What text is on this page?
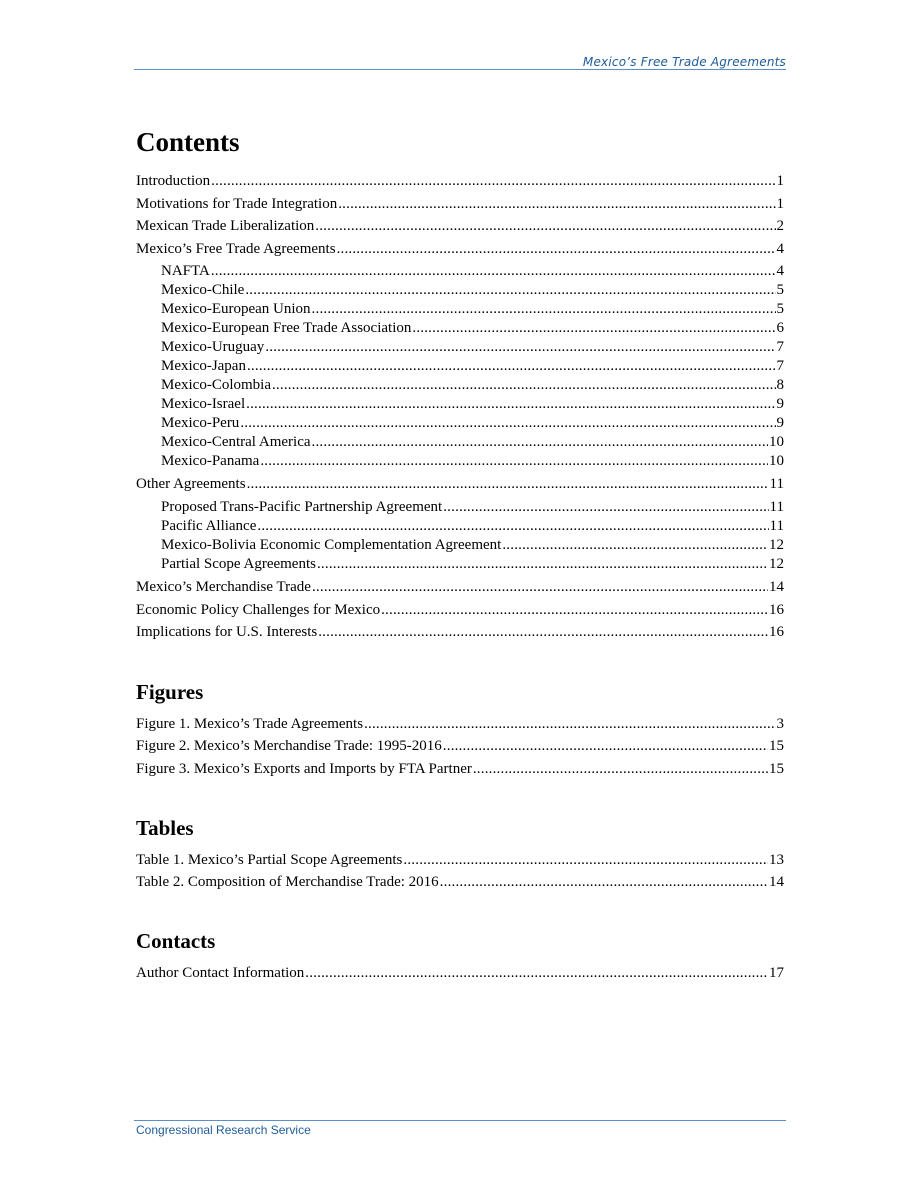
Mexico’s Free Trade Agreements
Contents
Introduction .....	1
Motivations for Trade Integration .....	1
Mexican Trade Liberalization .....	2
Mexico’s Free Trade Agreements .....	4
NAFTA .....	4
Mexico-Chile .....	5
Mexico-European Union .....	5
Mexico-European Free Trade Association .....	6
Mexico-Uruguay .....	7
Mexico-Japan .....	7
Mexico-Colombia .....	8
Mexico-Israel .....	9
Mexico-Peru .....	9
Mexico-Central America .....	10
Mexico-Panama .....	10
Other Agreements .....	11
Proposed Trans-Pacific Partnership Agreement .....	11
Pacific Alliance .....	11
Mexico-Bolivia Economic Complementation Agreement .....	12
Partial Scope Agreements .....	12
Mexico’s Merchandise Trade .....	14
Economic Policy Challenges for Mexico .....	16
Implications for U.S. Interests .....	16
Figures
Figure 1. Mexico’s Trade Agreements .....	3
Figure 2. Mexico’s Merchandise Trade: 1995-2016 .....	15
Figure 3. Mexico’s Exports and Imports by FTA Partner .....	15
Tables
Table 1. Mexico’s Partial Scope Agreements .....	13
Table 2. Composition of Merchandise Trade: 2016 .....	14
Contacts
Author Contact Information .....	17
Congressional Research Service
